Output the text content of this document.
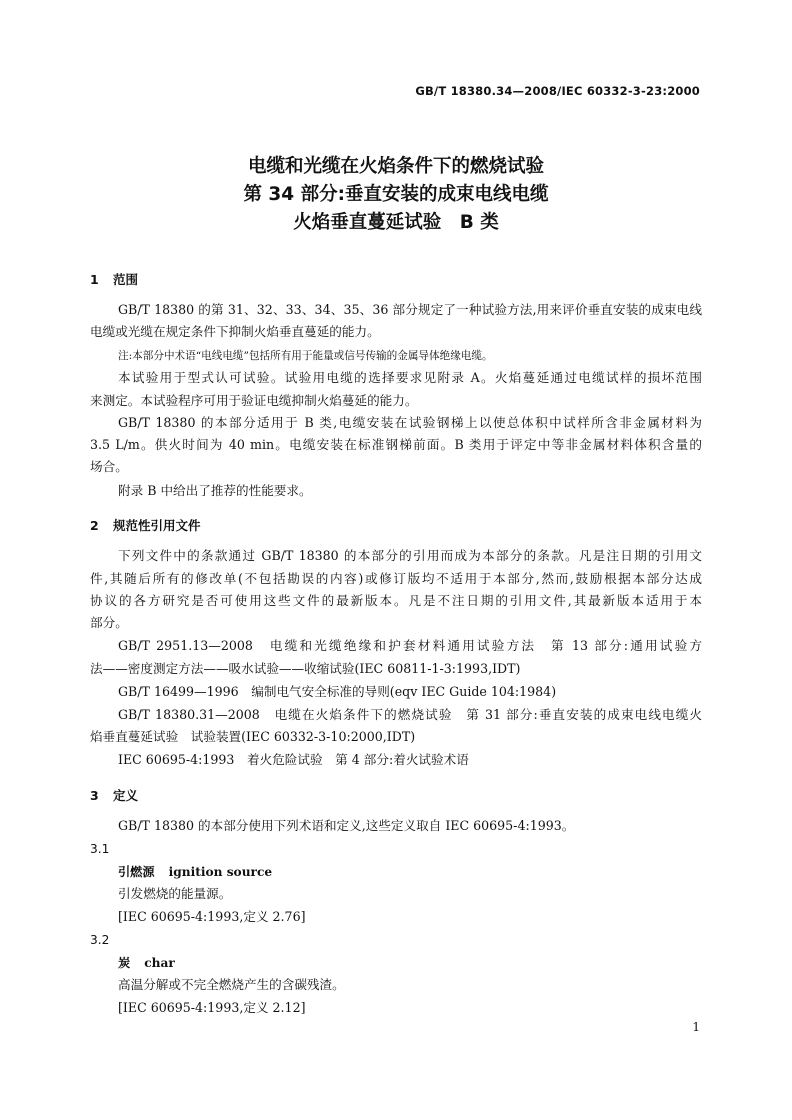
GB/T 18380.34—2008/IEC 60332-3-23:2000
电缆和光缆在火焰条件下的燃烧试验
第 34 部分:垂直安装的成束电线电缆
火焰垂直蔓延试验　B 类
1 范围
GB/T 18380 的第 31、32、33、34、35、36 部分规定了一种试验方法,用来评价垂直安装的成束电线
电缆或光缆在规定条件下抑制火焰垂直蔓延的能力。
注:本部分中术语“电线电缆”包括所有用于能量或信号传输的金属导体绝缘电缆。
本试验用于型式认可试验。试验用电缆的选择要求见附录 A。火焰蔓延通过电缆试样的损坏范围
来测定。本试验程序可用于验证电缆抑制火焰蔓延的能力。
GB/T 18380 的本部分适用于 B 类,电缆安装在试验钢梯上以使总体积中试样所含非金属材料为
3.5 L/m。供火时间为 40 min。电缆安装在标准钢梯前面。B 类用于评定中等非金属材料体积含量的
场合。
附录 B 中给出了推荐的性能要求。
2 规范性引用文件
下列文件中的条款通过 GB/T 18380 的本部分的引用而成为本部分的条款。凡是注日期的引用文
件,其随后所有的修改单(不包括勘误的内容)或修订版均不适用于本部分,然而,鼓励根据本部分达成
协议的各方研究是否可使用这些文件的最新版本。凡是不注日期的引用文件,其最新版本适用于本
部分。
GB/T 2951.13—2008　电缆和光缆绝缘和护套材料通用试验方法　第 13 部分:通用试验方
法——密度测定方法——吸水试验——收缩试验(IEC 60811-1-3:1993,IDT)
GB/T 16499—1996　编制电气安全标准的导则(eqv IEC Guide 104:1984)
GB/T 18380.31—2008　电缆在火焰条件下的燃烧试验　第 31 部分:垂直安装的成束电线电缆火
焰垂直蔓延试验　试验装置(IEC 60332-3-10:2000,IDT)
IEC 60695-4:1993　着火危险试验　第 4 部分:着火试验术语
3 定义
GB/T 18380 的本部分使用下列术语和定义,这些定义取自 IEC 60695-4:1993。
3.1
引燃源 ignition source
引发燃烧的能量源。
[IEC 60695-4:1993,定义 2.76]
3.2
炭 char
高温分解或不完全燃烧产生的含碳残渣。
[IEC 60695-4:1993,定义 2.12]
1
